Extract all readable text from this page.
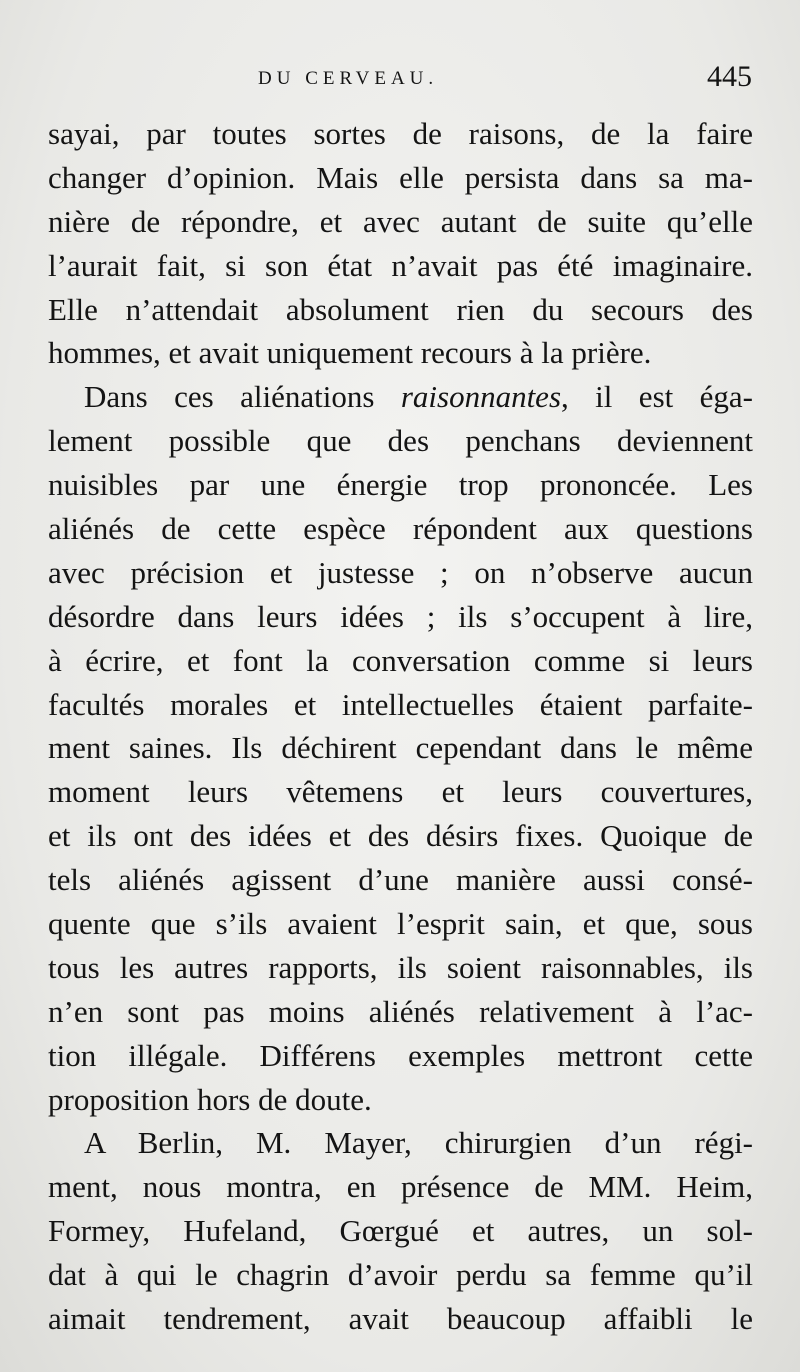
DU CERVEAU.	445
sayai, par toutes sortes de raisons, de la faire
changer d’opinion. Mais elle persista dans sa ma-
nière de répondre, et avec autant de suite qu’elle
l’aurait fait, si son état n’avait pas été imaginaire.
Elle n’attendait absolument rien du secours des
hommes, et avait uniquement recours à la prière.
Dans ces aliénations raisonnantes, il est éga-
lement possible que des penchans deviennent
nuisibles par une énergie trop prononcée. Les
aliénés de cette espèce répondent aux questions
avec précision et justesse ; on n’observe aucun
désordre dans leurs idées ; ils s’occupent à lire,
à écrire, et font la conversation comme si leurs
facultés morales et intellectuelles étaient parfaite-
ment saines. Ils déchirent cependant dans le même
moment leurs vêtemens et leurs couvertures,
et ils ont des idées et des désirs fixes. Quoique de
tels aliénés agissent d’une manière aussi consé-
quente que s’ils avaient l’esprit sain, et que, sous
tous les autres rapports, ils soient raisonnables, ils
n’en sont pas moins aliénés relativement à l’ac-
tion illégale. Différens exemples mettront cette
proposition hors de doute.
A Berlin, M. Mayer, chirurgien d’un régi-
ment, nous montra, en présence de MM. Heim,
Formey, Hufeland, Gœrgué et autres, un sol-
dat à qui le chagrin d’avoir perdu sa femme qu’il
aimait tendrement, avait beaucoup affaibli le
